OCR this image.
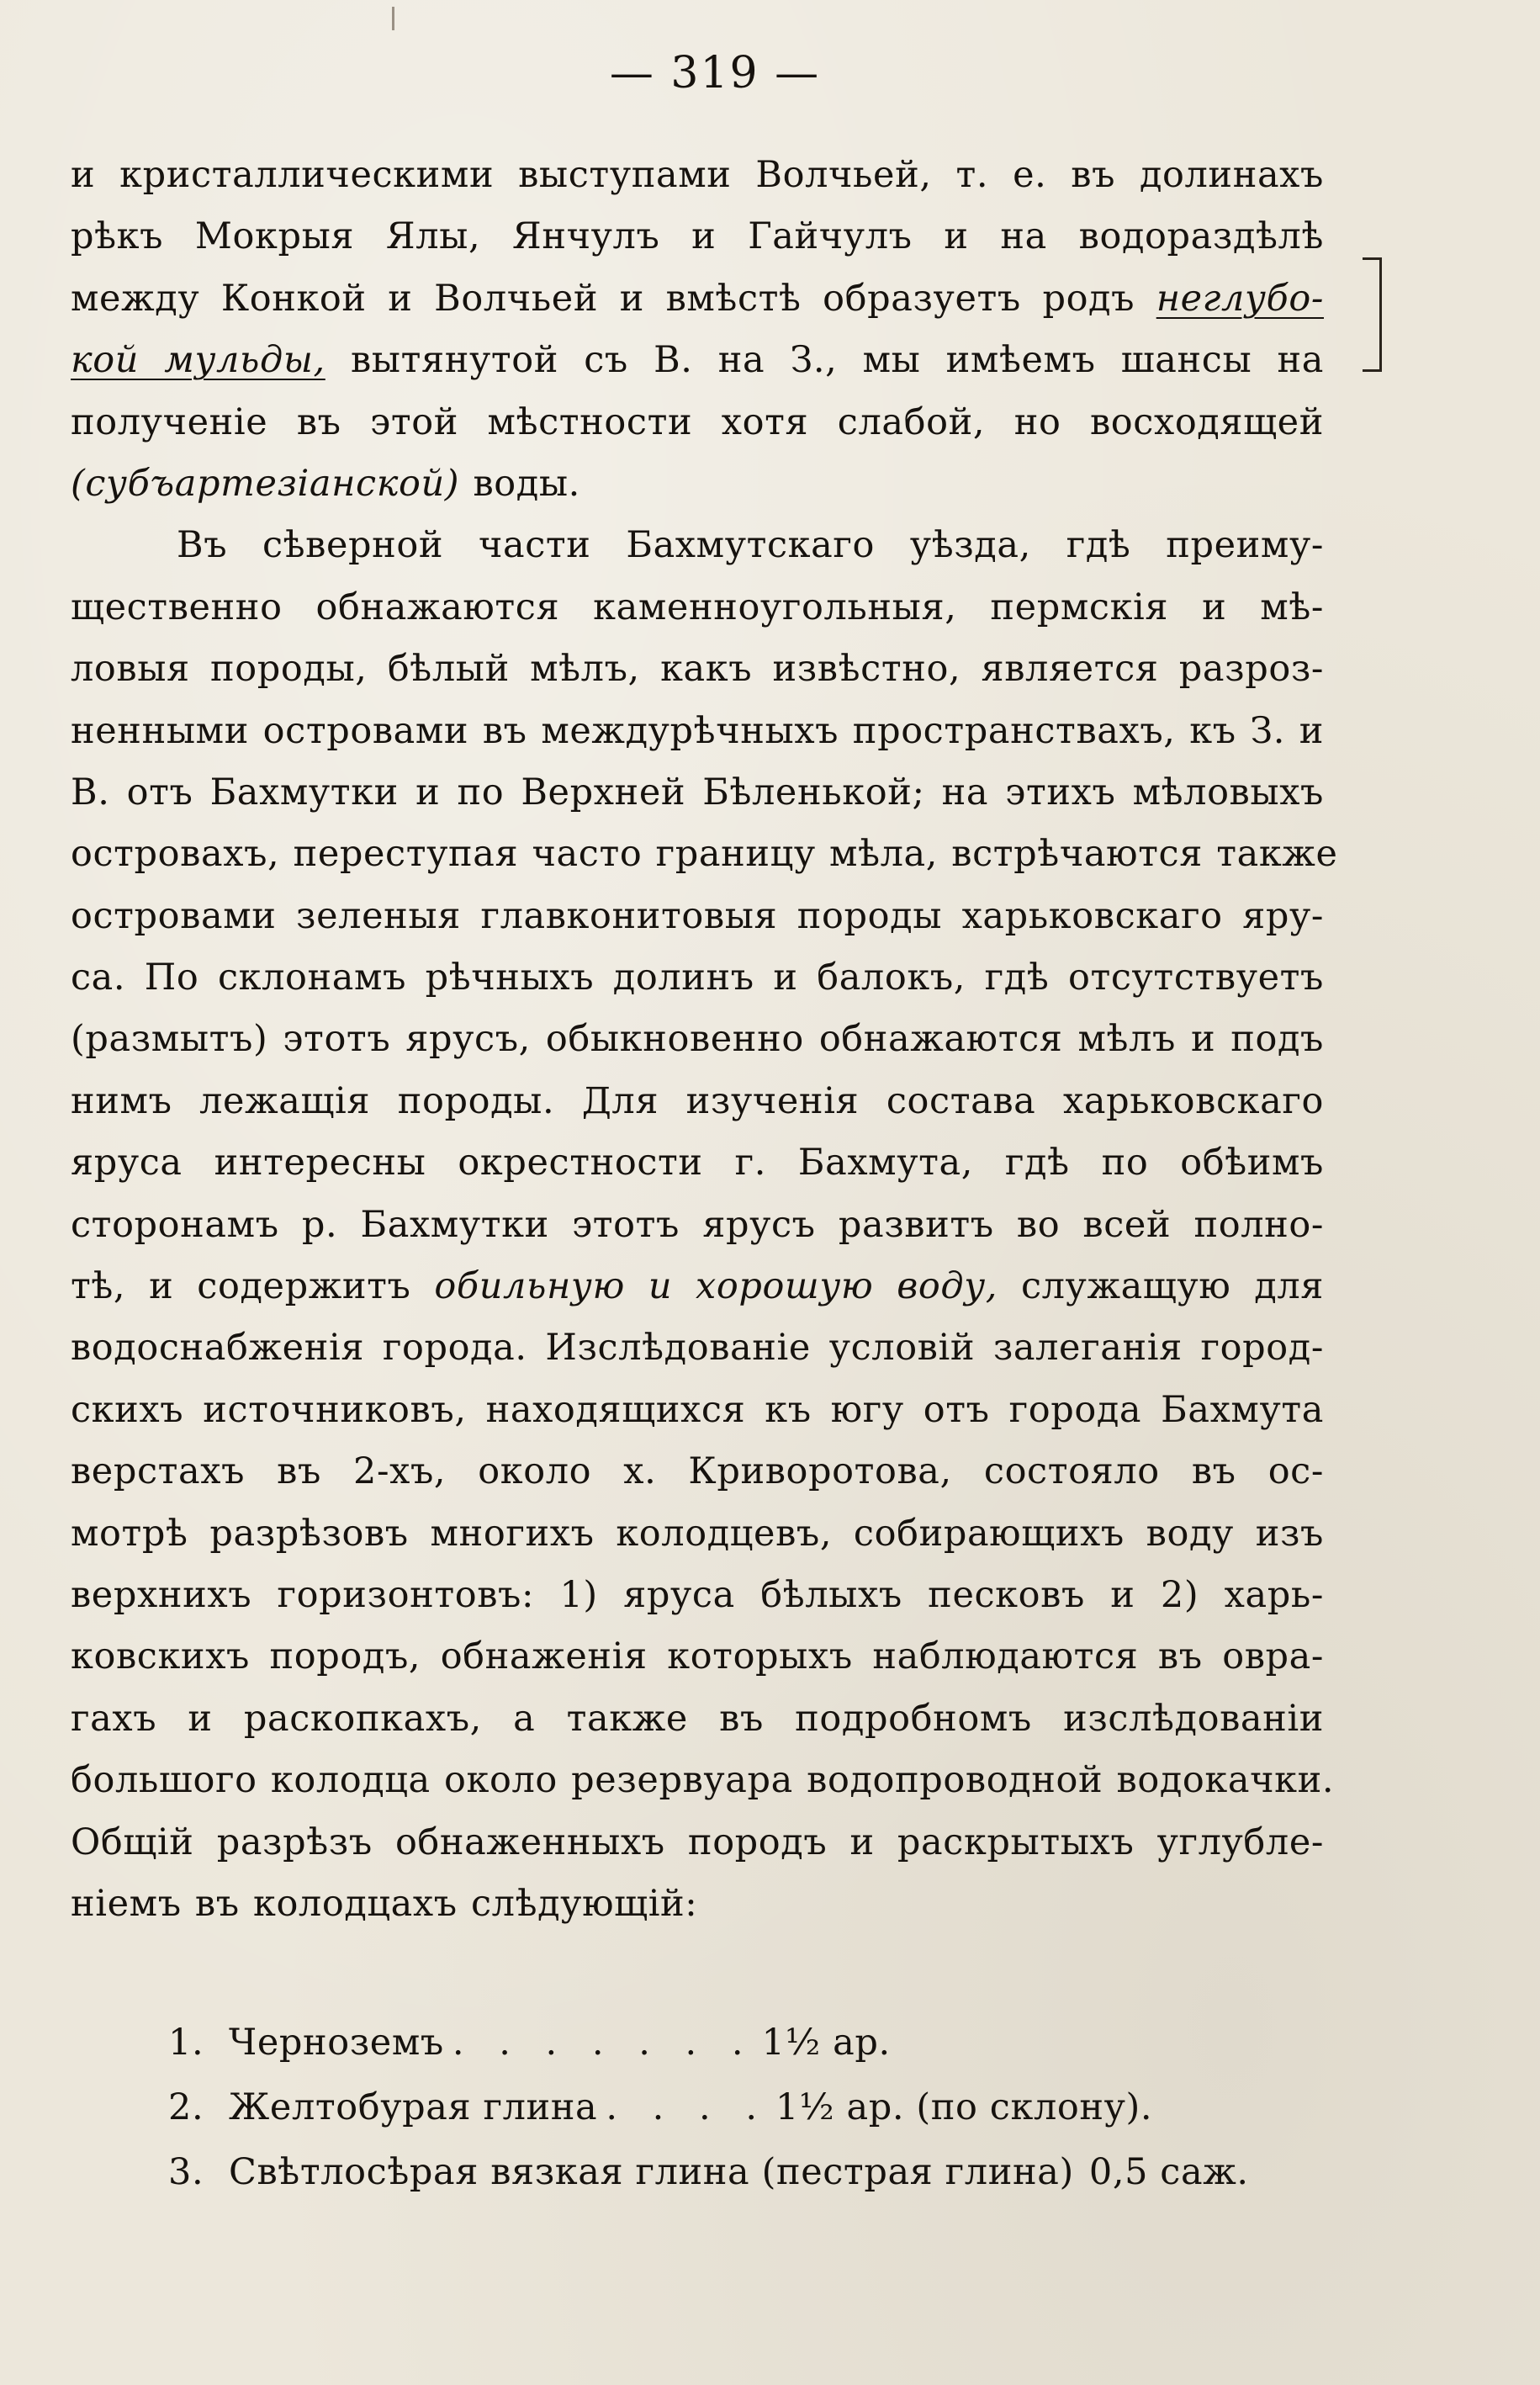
— 319 —
и кристаллическими выступами Волчьей, т. е. въ долинахъ
рѣкъ Мокрыя Ялы, Янчулъ и Гайчулъ и на водораздѣлѣ
между Конкой и Волчьей и вмѣстѣ образуетъ родъ неглубо-
кой мульды, вытянутой съ В. на З., мы имѣемъ шансы на
полученіе въ этой мѣстности хотя слабой, но восходящей
(субъартезіанской) воды.
Въ сѣверной части Бахмутскаго уѣзда, гдѣ преиму-
щественно обнажаются каменноугольныя, пермскія и мѣ-
ловыя породы, бѣлый мѣлъ, какъ извѣстно, является разроз-
ненными островами въ междурѣчныхъ пространствахъ, къ З. и
В. отъ Бахмутки и по Верхней Бѣленькой; на этихъ мѣловыхъ
островахъ, переступая часто границу мѣла, встрѣчаются также
островами зеленыя главконитовыя породы харьковскаго яру-
са. По склонамъ рѣчныхъ долинъ и балокъ, гдѣ отсутствуетъ
(размытъ) этотъ ярусъ, обыкновенно обнажаются мѣлъ и подъ
нимъ лежащія породы. Для изученія состава харьковскаго
яруса интересны окрестности г. Бахмута, гдѣ по обѣимъ
сторонамъ р. Бахмутки этотъ ярусъ развитъ во всей полно-
тѣ, и содержитъ обильную и хорошую воду, служащую для
водоснабженія города. Изслѣдованіе условій залеганія город-
скихъ источниковъ, находящихся къ югу отъ города Бахмута
верстахъ въ 2-хъ, около х. Криворотова, состояло въ ос-
мотрѣ разрѣзовъ многихъ колодцевъ, собирающихъ воду изъ
верхнихъ горизонтовъ: 1) яруса бѣлыхъ песковъ и 2) харь-
ковскихъ породъ, обнаженія которыхъ наблюдаются въ овра-
гахъ и раскопкахъ, а также въ подробномъ изслѣдованіи
большого колодца около резервуара водопроводной водокачки.
Общій разрѣзъ обнаженныхъ породъ и раскрытыхъ углубле-
ніемъ въ колодцахъ слѣдующій:
1. Черноземъ . . . . . . . 1½ ар.
2. Желтобурая глина . . . . 1½ ар. (по склону).
3. Свѣтлосѣрая вязкая глина (пестрая глина) 0,5 саж.
